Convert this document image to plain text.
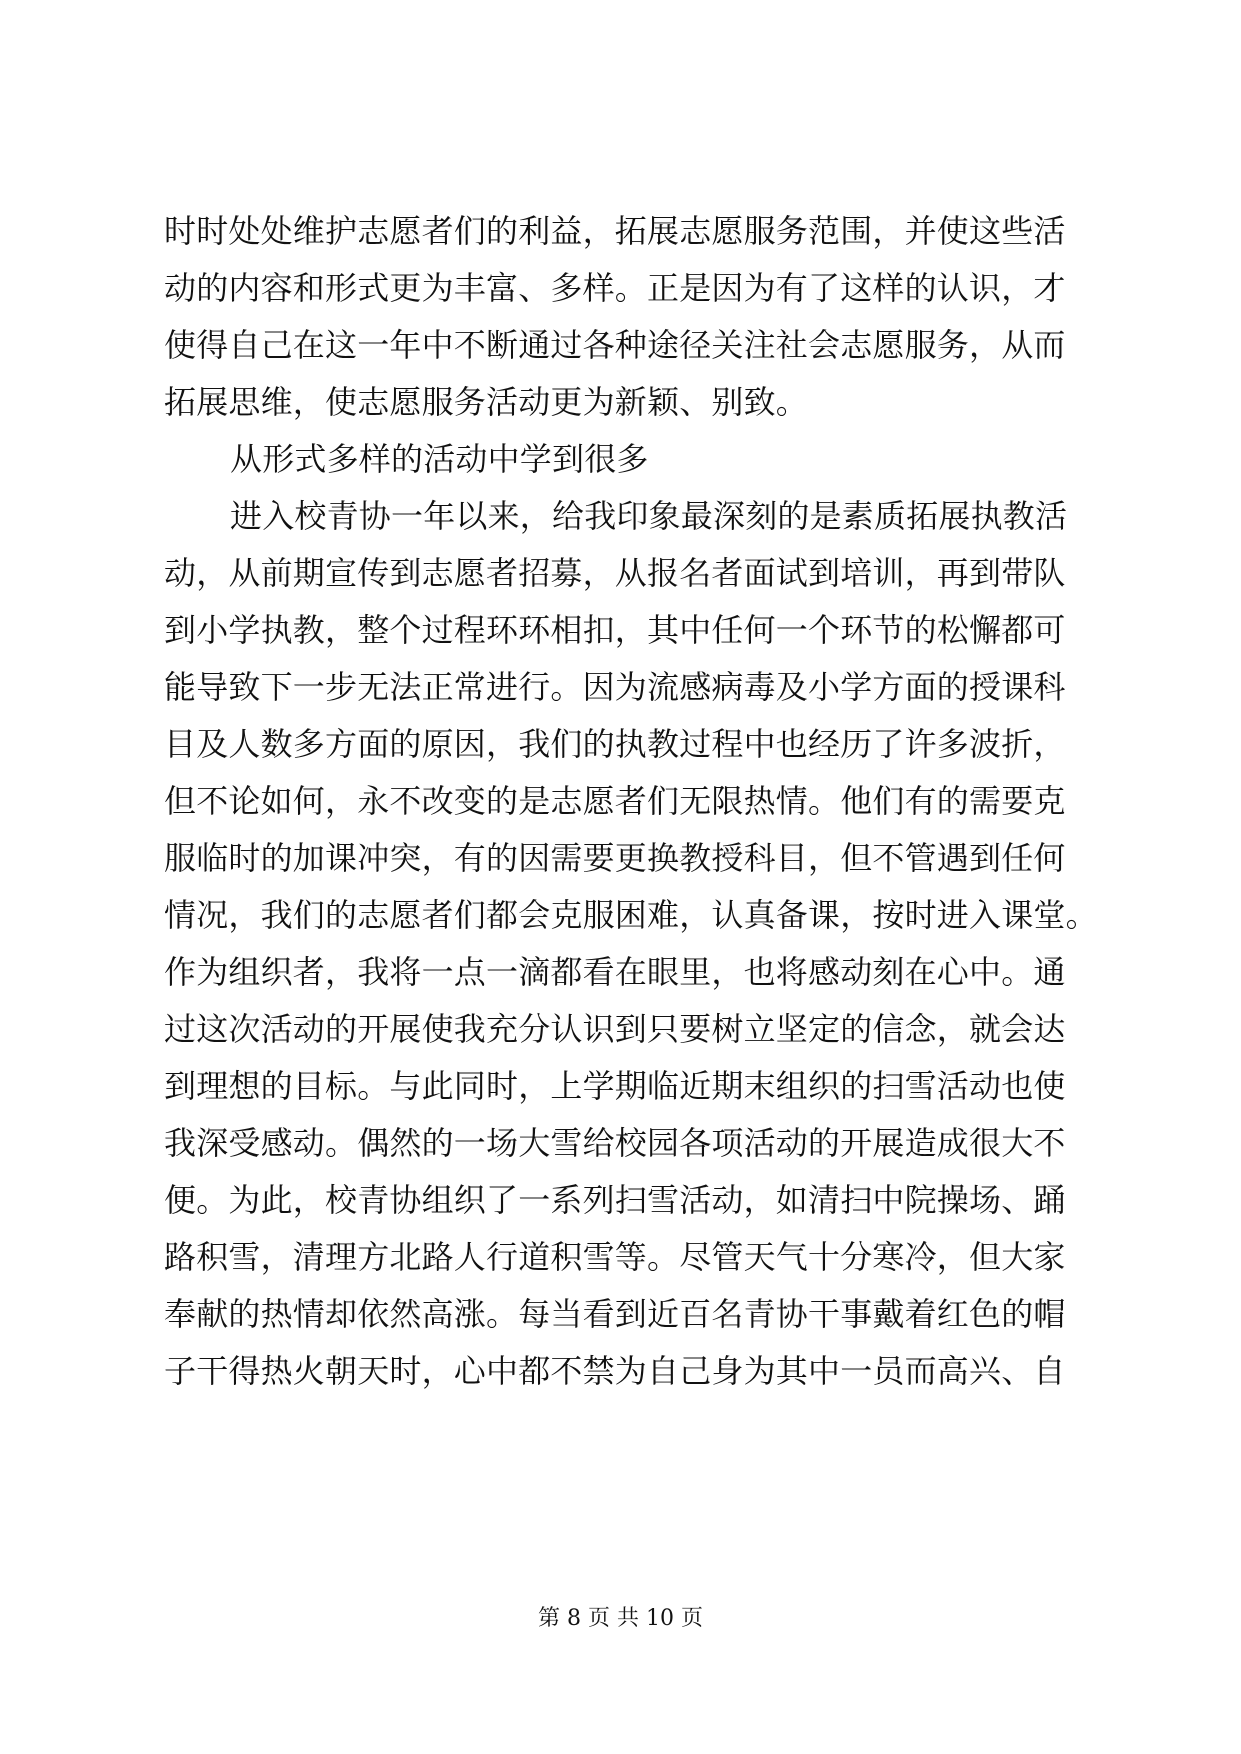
时时处处维护志愿者们的利益，拓展志愿服务范围，并使这些活
动的内容和形式更为丰富、多样。正是因为有了这样的认识，才
使得自己在这一年中不断通过各种途径关注社会志愿服务，从而
拓展思维，使志愿服务活动更为新颖、别致。
从形式多样的活动中学到很多
进入校青协一年以来，给我印象最深刻的是素质拓展执教活
动，从前期宣传到志愿者招募，从报名者面试到培训，再到带队
到小学执教，整个过程环环相扣，其中任何一个环节的松懈都可
能导致下一步无法正常进行。因为流感病毒及小学方面的授课科
目及人数多方面的原因，我们的执教过程中也经历了许多波折，
但不论如何，永不改变的是志愿者们无限热情。他们有的需要克
服临时的加课冲突，有的因需要更换教授科目，但不管遇到任何
情况，我们的志愿者们都会克服困难，认真备课，按时进入课堂。
作为组织者，我将一点一滴都看在眼里，也将感动刻在心中。通
过这次活动的开展使我充分认识到只要树立坚定的信念，就会达
到理想的目标。与此同时，上学期临近期末组织的扫雪活动也使
我深受感动。偶然的一场大雪给校园各项活动的开展造成很大不
便。为此，校青协组织了一系列扫雪活动，如清扫中院操场、踊
路积雪，清理方北路人行道积雪等。尽管天气十分寒冷，但大家
奉献的热情却依然高涨。每当看到近百名青协干事戴着红色的帽
子干得热火朝天时，心中都不禁为自己身为其中一员而高兴、自
第 8 页 共 10 页
